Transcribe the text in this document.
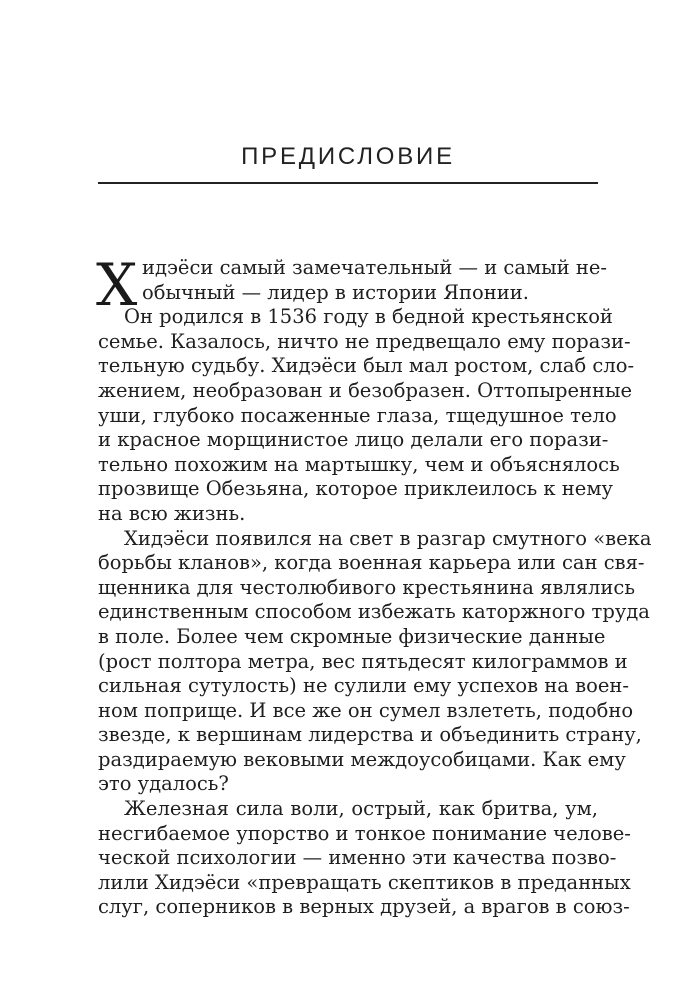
ПРЕДИСЛОВИЕ
Х идэёси самый замечательный — и самый не-
обычный — лидер в истории Японии.
Он родился в 1536 году в бедной крестьянской
семье. Казалось, ничто не предвещало ему порази-
тельную судьбу. Хидэёси был мал ростом, слаб сло-
жением, необразован и безобразен. Оттопыренные
уши, глубоко посаженные глаза, тщедушное тело
и красное морщинистое лицо делали его порази-
тельно похожим на мартышку, чем и объяснялось
прозвище Обезьяна, которое приклеилось к нему
на всю жизнь.
Хидэёси появился на свет в разгар смутного «века
борьбы кланов», когда военная карьера или сан свя-
щенника для честолюбивого крестьянина являлись
единственным способом избежать каторжного труда
в поле. Более чем скромные физические данные
(рост полтора метра, вес пятьдесят килограммов и
сильная сутулость) не сулили ему успехов на воен-
ном поприще. И все же он сумел взлететь, подобно
звезде, к вершинам лидерства и объединить страну,
раздираемую вековыми междоусобицами. Как ему
это удалось?
Железная сила воли, острый, как бритва, ум,
несгибаемое упорство и тонкое понимание челове-
ческой психологии — именно эти качества позво-
лили Хидэёси «превращать скептиков в преданных
слуг, соперников в верных друзей, а врагов в союз-
